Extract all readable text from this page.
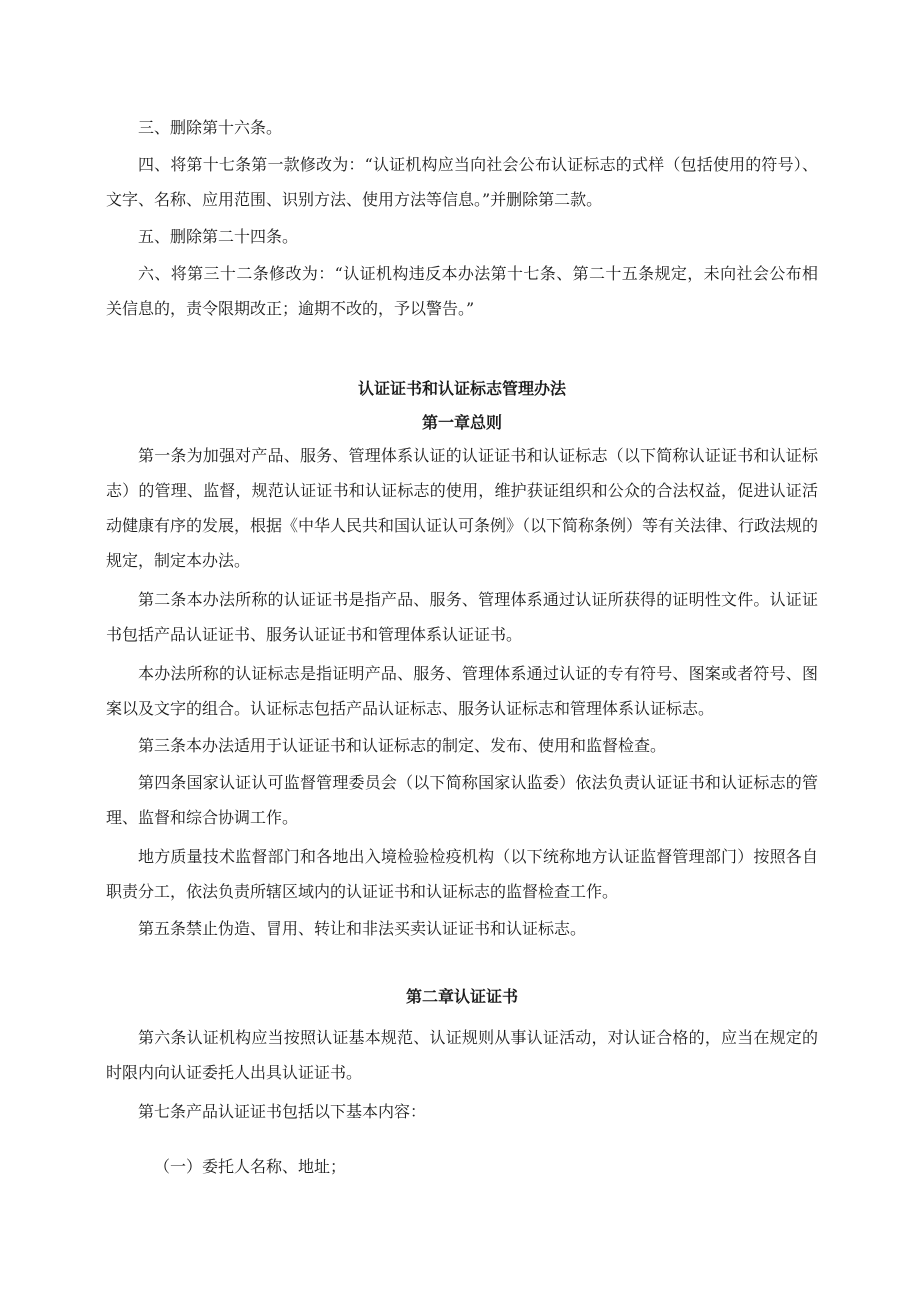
三、删除第十六条。

四、将第十七条第一款修改为：“认证机构应当向社会公布认证标志的式样（包括使用的符号）、文字、名称、应用范围、识别方法、使用方法等信息。”并删除第二款。

五、删除第二十四条。

六、将第三十二条修改为：“认证机构违反本办法第十七条、第二十五条规定，未向社会公布相关信息的，责令限期改正；逾期不改的，予以警告。”

认证证书和认证标志管理办法
第一章总则

第一条为加强对产品、服务、管理体系认证的认证证书和认证标志（以下简称认证证书和认证标志）的管理、监督，规范认证证书和认证标志的使用，维护获证组织和公众的合法权益，促进认证活动健康有序的发展，根据《中华人民共和国认证认可条例》（以下简称条例）等有关法律、行政法规的规定，制定本办法。

第二条本办法所称的认证证书是指产品、服务、管理体系通过认证所获得的证明性文件。认证证书包括产品认证证书、服务认证证书和管理体系认证证书。

本办法所称的认证标志是指证明产品、服务、管理体系通过认证的专有符号、图案或者符号、图案以及文字的组合。认证标志包括产品认证标志、服务认证标志和管理体系认证标志。

第三条本办法适用于认证证书和认证标志的制定、发布、使用和监督检查。

第四条国家认证认可监督管理委员会（以下简称国家认监委）依法负责认证证书和认证标志的管理、监督和综合协调工作。

地方质量技术监督部门和各地出入境检验检疫机构（以下统称地方认证监督管理部门）按照各自职责分工，依法负责所辖区域内的认证证书和认证标志的监督检查工作。

第五条禁止伪造、冒用、转让和非法买卖认证证书和认证标志。

第二章认证证书

第六条认证机构应当按照认证基本规范、认证规则从事认证活动，对认证合格的，应当在规定的时限内向认证委托人出具认证证书。

第七条产品认证证书包括以下基本内容：

（一）委托人名称、地址；
